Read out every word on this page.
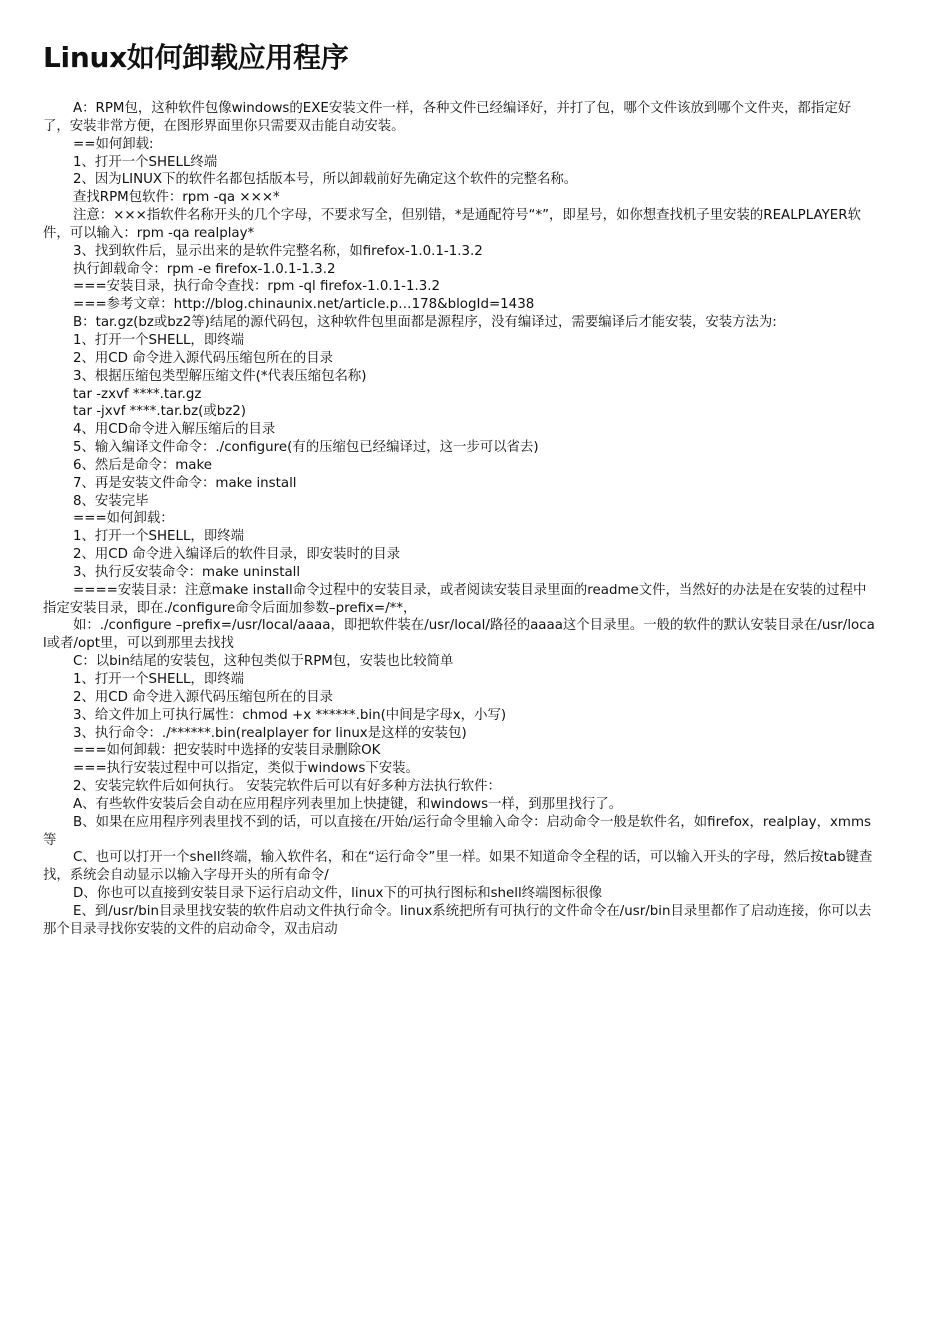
Linux如何卸载应用程序

A：RPM包，这种软件包像windows的EXE安装文件一样，各种文件已经编译好，并打了包，哪个文件该放到哪个文件夹，都指定好了，安装非常方便，在图形界面里你只需要双击能自动安装。

==如何卸载:

1、打开一个SHELL终端

2、因为LINUX下的软件名都包括版本号，所以卸载前好先确定这个软件的完整名称。

查找RPM包软件：rpm -qa ×××*

注意：×××指软件名称开头的几个字母，不要求写全，但别错，*是通配符号“*”，即星号，如你想查找机子里安装的REALPLAYER软件，可以输入：rpm -qa realplay*

3、找到软件后，显示出来的是软件完整名称，如firefox-1.0.1-1.3.2

执行卸载命令：rpm -e firefox-1.0.1-1.3.2

===安装目录，执行命令查找：rpm -ql firefox-1.0.1-1.3.2

===参考文章：http://blog.chinaunix.net/article.p…178&blogId=1438

B：tar.gz(bz或bz2等)结尾的源代码包，这种软件包里面都是源程序，没有编译过，需要编译后才能安装，安装方法为:

1、打开一个SHELL，即终端

2、用CD 命令进入源代码压缩包所在的目录

3、根据压缩包类型解压缩文件(*代表压缩包名称)

tar -zxvf ****.tar.gz

tar -jxvf ****.tar.bz(或bz2)

4、用CD命令进入解压缩后的目录

5、输入编译文件命令：./configure(有的压缩包已经编译过，这一步可以省去)

6、然后是命令：make

7、再是安装文件命令：make install

8、安装完毕

===如何卸载：

1、打开一个SHELL，即终端

2、用CD 命令进入编译后的软件目录，即安装时的目录

3、执行反安装命令：make uninstall

====安装目录：注意make install命令过程中的安装目录，或者阅读安装目录里面的readme文件，当然好的办法是在安装的过程中指定安装目录，即在./configure命令后面加参数–prefix=/**，

如：./configure –prefix=/usr/local/aaaa，即把软件装在/usr/local/路径的aaaa这个目录里。一般的软件的默认安装目录在/usr/local或者/opt里，可以到那里去找找

C：以bin结尾的安装包，这种包类似于RPM包，安装也比较简单

1、打开一个SHELL，即终端

2、用CD 命令进入源代码压缩包所在的目录

3、给文件加上可执行属性：chmod +x ******.bin(中间是字母x，小写)

3、执行命令：./******.bin(realplayer for linux是这样的安装包)

===如何卸载：把安装时中选择的安装目录删除OK

===执行安装过程中可以指定，类似于windows下安装。

2、安装完软件后如何执行。 安装完软件后可以有好多种方法执行软件：

A、有些软件安装后会自动在应用程序列表里加上快捷键，和windows一样，到那里找行了。

B、如果在应用程序列表里找不到的话，可以直接在/开始/运行命令里输入命令：启动命令一般是软件名，如firefox，realplay，xmms等

C、也可以打开一个shell终端，输入软件名，和在“运行命令”里一样。如果不知道命令全程的话，可以输入开头的字母，然后按tab键查找，系统会自动显示以输入字母开头的所有命令/

D、你也可以直接到安装目录下运行启动文件，linux下的可执行图标和shell终端图标很像

E、到/usr/bin目录里找安装的软件启动文件执行命令。linux系统把所有可执行的文件命令在/usr/bin目录里都作了启动连接，你可以去那个目录寻找你安装的文件的启动命令，双击启动
